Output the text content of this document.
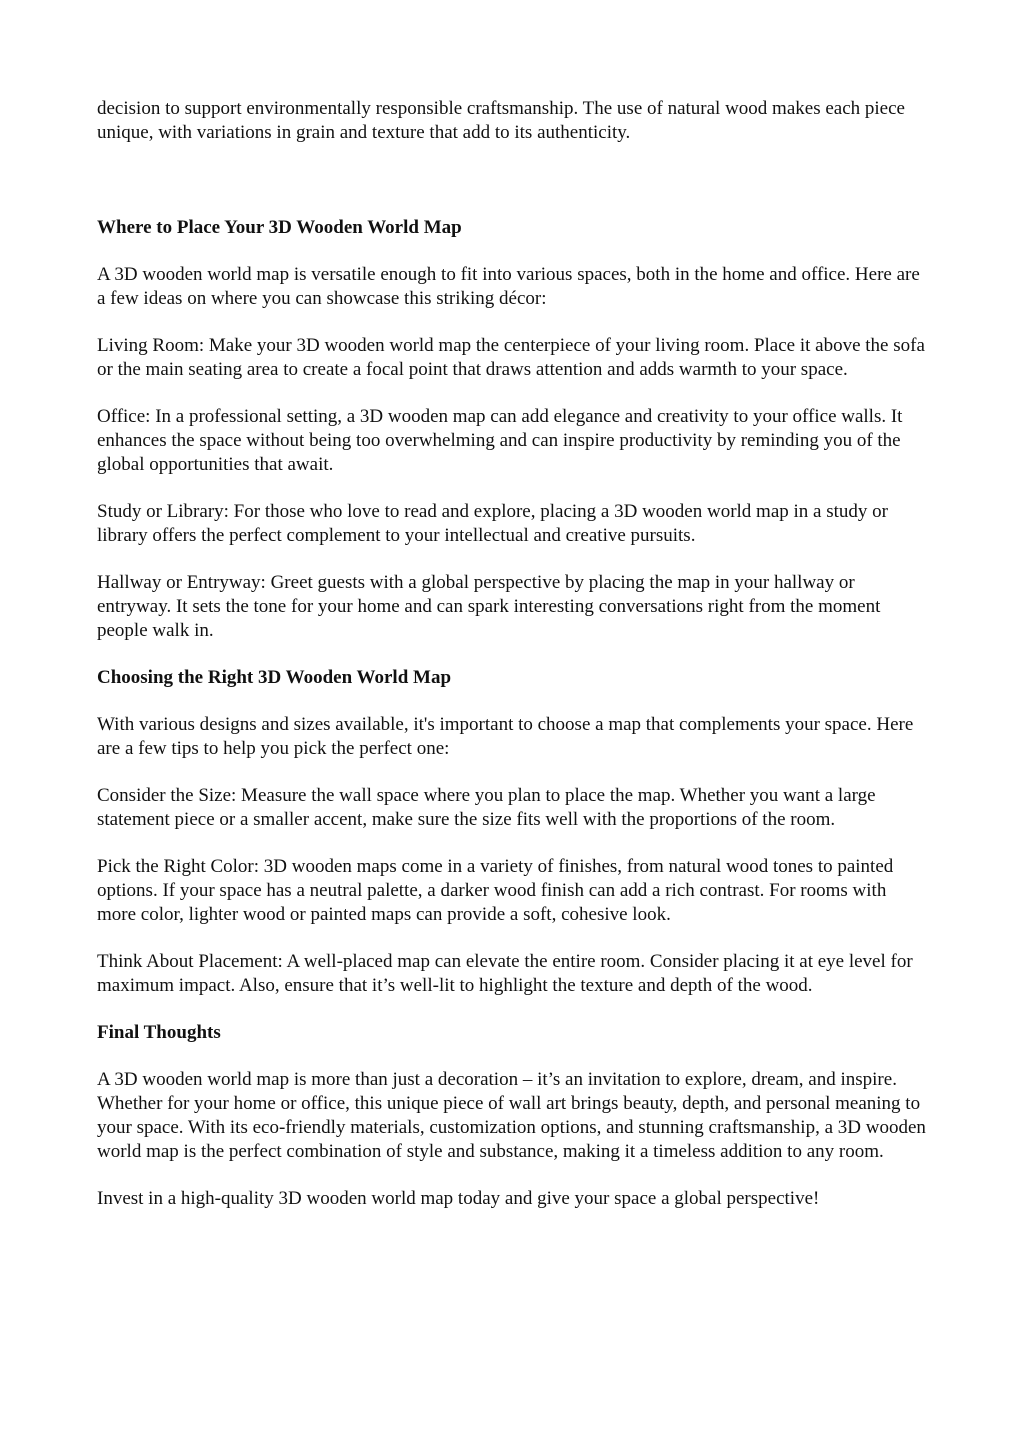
decision to support environmentally responsible craftsmanship. The use of natural wood makes each piece unique, with variations in grain and texture that add to its authenticity.

Where to Place Your 3D Wooden World Map

A 3D wooden world map is versatile enough to fit into various spaces, both in the home and office. Here are a few ideas on where you can showcase this striking décor:

Living Room: Make your 3D wooden world map the centerpiece of your living room. Place it above the sofa or the main seating area to create a focal point that draws attention and adds warmth to your space.

Office: In a professional setting, a 3D wooden map can add elegance and creativity to your office walls. It enhances the space without being too overwhelming and can inspire productivity by reminding you of the global opportunities that await.

Study or Library: For those who love to read and explore, placing a 3D wooden world map in a study or library offers the perfect complement to your intellectual and creative pursuits.

Hallway or Entryway: Greet guests with a global perspective by placing the map in your hallway or entryway. It sets the tone for your home and can spark interesting conversations right from the moment people walk in.

Choosing the Right 3D Wooden World Map

With various designs and sizes available, it's important to choose a map that complements your space. Here are a few tips to help you pick the perfect one:

Consider the Size: Measure the wall space where you plan to place the map. Whether you want a large statement piece or a smaller accent, make sure the size fits well with the proportions of the room.

Pick the Right Color: 3D wooden maps come in a variety of finishes, from natural wood tones to painted options. If your space has a neutral palette, a darker wood finish can add a rich contrast. For rooms with more color, lighter wood or painted maps can provide a soft, cohesive look.

Think About Placement: A well-placed map can elevate the entire room. Consider placing it at eye level for maximum impact. Also, ensure that it’s well-lit to highlight the texture and depth of the wood.

Final Thoughts

A 3D wooden world map is more than just a decoration – it’s an invitation to explore, dream, and inspire. Whether for your home or office, this unique piece of wall art brings beauty, depth, and personal meaning to your space. With its eco-friendly materials, customization options, and stunning craftsmanship, a 3D wooden world map is the perfect combination of style and substance, making it a timeless addition to any room.

Invest in a high-quality 3D wooden world map today and give your space a global perspective!
